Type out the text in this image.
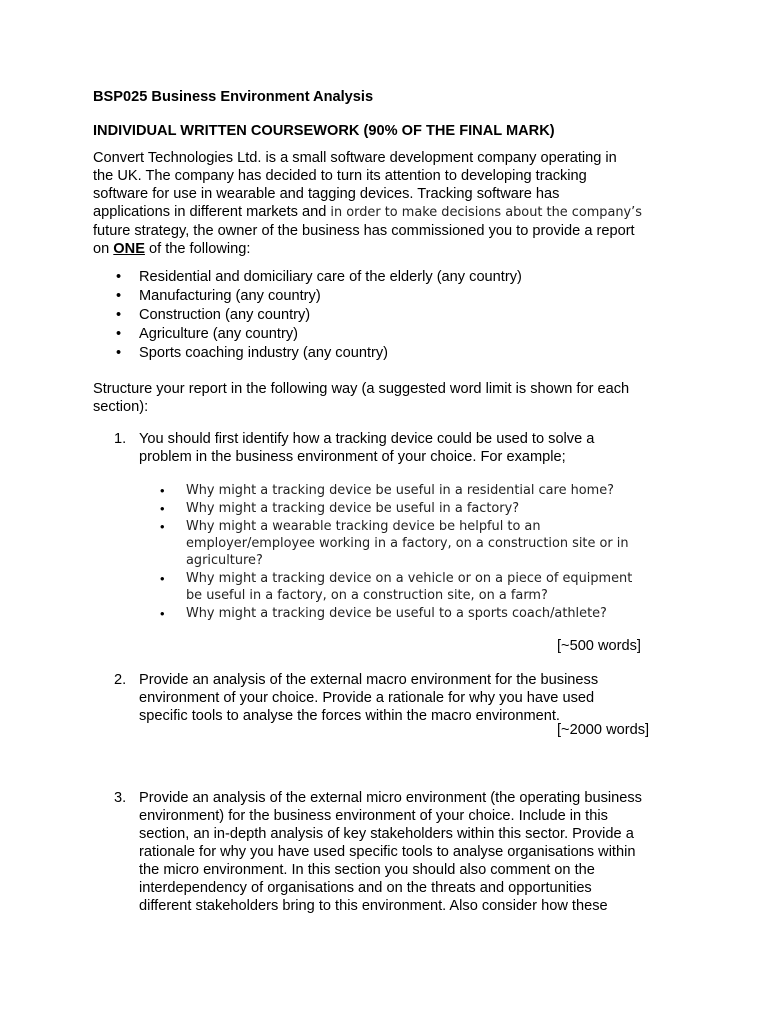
BSP025 Business Environment Analysis
INDIVIDUAL WRITTEN COURSEWORK (90% OF THE FINAL MARK)
Convert Technologies Ltd. is a small software development company operating in
the UK. The company has decided to turn its attention to developing tracking
software for use in wearable and tagging devices. Tracking software has
applications in different markets and in order to make decisions about the company’s
future strategy, the owner of the business has commissioned you to provide a report
on ONE of the following:
• Residential and domiciliary care of the elderly (any country)
• Manufacturing (any country)
• Construction (any country)
• Agriculture (any country)
• Sports coaching industry (any country)
Structure your report in the following way (a suggested word limit is shown for each
section):
1. You should first identify how a tracking device could be used to solve a
problem in the business environment of your choice. For example;
• Why might a tracking device be useful in a residential care home?
• Why might a tracking device be useful in a factory?
• Why might a wearable tracking device be helpful to an
employer/employee working in a factory, on a construction site or in
agriculture?
• Why might a tracking device on a vehicle or on a piece of equipment
be useful in a factory, on a construction site, on a farm?
• Why might a tracking device be useful to a sports coach/athlete?
[~500 words]
2. Provide an analysis of the external macro environment for the business
environment of your choice. Provide a rationale for why you have used
specific tools to analyse the forces within the macro environment.
[~2000 words]
3. Provide an analysis of the external micro environment (the operating business
environment) for the business environment of your choice. Include in this
section, an in-depth analysis of key stakeholders within this sector. Provide a
rationale for why you have used specific tools to analyse organisations within
the micro environment. In this section you should also comment on the
interdependency of organisations and on the threats and opportunities
different stakeholders bring to this environment. Also consider how these
